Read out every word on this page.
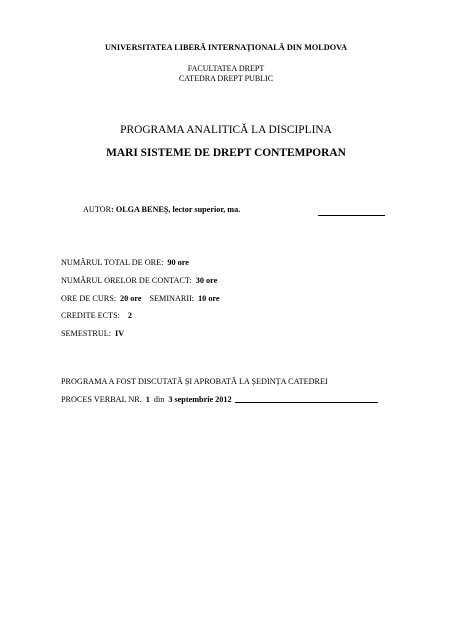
UNIVERSITATEA LIBERĂ INTERNAȚIONALĂ DIN MOLDOVA
FACULTATEA DREPT
CATEDRA DREPT PUBLIC
PROGRAMA ANALITICĂ LA DISCIPLINA
MARI SISTEME DE DREPT CONTEMPORAN
AUTOR: OLGA BENEȘ, lector superior, ma.
NUMĂRUL TOTAL DE ORE: 90 ore
NUMĂRUL ORELOR DE CONTACT: 30 ore
ORE DE CURS: 20 ore SEMINARII: 10 ore
CREDITE ECTS: 2
SEMESTRUL: IV
PROGRAMA A FOST DISCUTATĂ ȘI APROBATĂ LA ȘEDINȚA CATEDREI
PROCES VERBAL NR. 1 din 3 septembrie 2012
